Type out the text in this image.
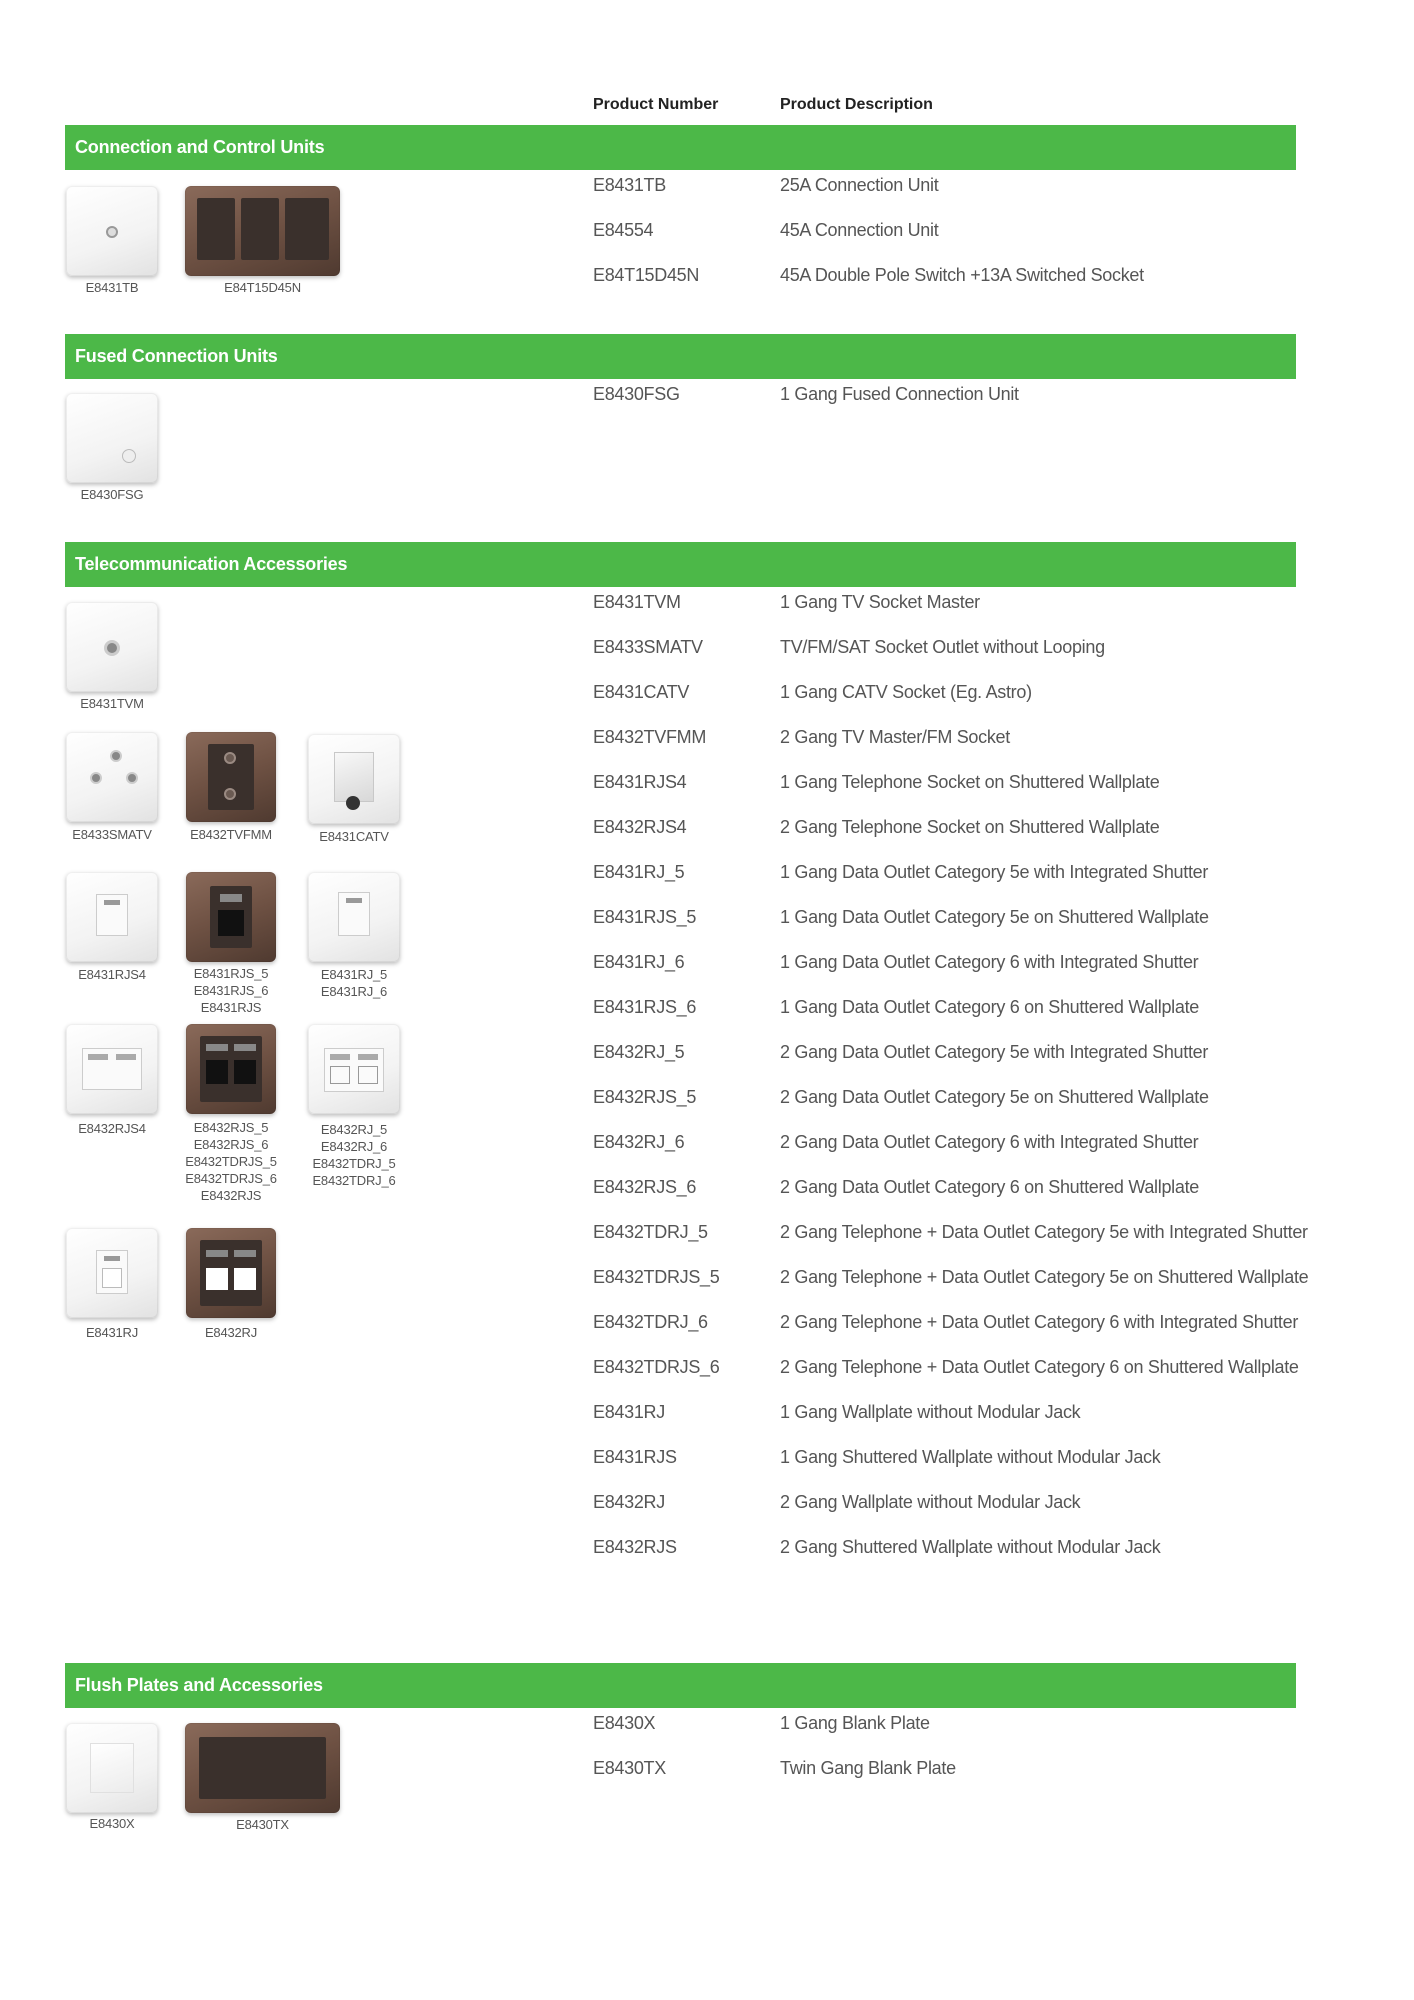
Product Number	Product Description
Connection and Control Units
E8431TB	25A Connection Unit
E84554	45A Connection Unit
E84T15D45N	45A Double Pole Switch +13A Switched Socket
E8431TB	E84T15D45N
Fused Connection Units
E8430FSG	1 Gang Fused Connection Unit
E8430FSG
Telecommunication Accessories
E8431TVM	1 Gang TV Socket Master
E8433SMATV	TV/FM/SAT Socket Outlet without Looping
E8431CATV	1 Gang CATV Socket (Eg. Astro)
E8432TVFMM	2 Gang TV Master/FM Socket
E8431RJS4	1 Gang Telephone Socket on Shuttered Wallplate
E8432RJS4	2 Gang Telephone Socket on Shuttered Wallplate
E8431RJ_5	1 Gang Data Outlet Category 5e with Integrated Shutter
E8431RJS_5	1 Gang Data Outlet Category 5e on Shuttered Wallplate
E8431RJ_6	1 Gang Data Outlet Category 6 with Integrated Shutter
E8431RJS_6	1 Gang Data Outlet Category 6 on Shuttered Wallplate
E8432RJ_5	2 Gang Data Outlet Category 5e with Integrated Shutter
E8432RJS_5	2 Gang Data Outlet Category 5e on Shuttered Wallplate
E8432RJ_6	2 Gang Data Outlet Category 6 with Integrated Shutter
E8432RJS_6	2 Gang Data Outlet Category 6 on Shuttered Wallplate
E8432TDRJ_5	2 Gang Telephone + Data Outlet Category 5e with Integrated Shutter
E8432TDRJS_5	2 Gang Telephone + Data Outlet Category 5e on Shuttered Wallplate
E8432TDRJ_6	2 Gang Telephone + Data Outlet Category 6 with Integrated Shutter
E8432TDRJS_6	2 Gang Telephone + Data Outlet Category 6 on Shuttered Wallplate
E8431RJ	1 Gang Wallplate without Modular Jack
E8431RJS	1 Gang Shuttered Wallplate without Modular Jack
E8432RJ	2 Gang Wallplate without Modular Jack
E8432RJS	2 Gang Shuttered Wallplate without Modular Jack
E8431TVM
E8433SMATV	E8432TVFMM	E8431CATV
E8431RJS4	E8431RJS_5
E8431RJS_6
E8431RJS
E8431RJ_5
E8431RJ_6
E8432RJS4	E8432RJS_5
E8432RJS_6
E8432TDRJS_5
E8432TDRJS_6
E8432RJS
E8432RJ_5
E8432RJ_6
E8432TDRJ_5
E8432TDRJ_6
E8431RJ	E8432RJ
Flush Plates and Accessories
E8430X	1 Gang Blank Plate
E8430TX	Twin Gang Blank Plate
E8430X	E8430TX
